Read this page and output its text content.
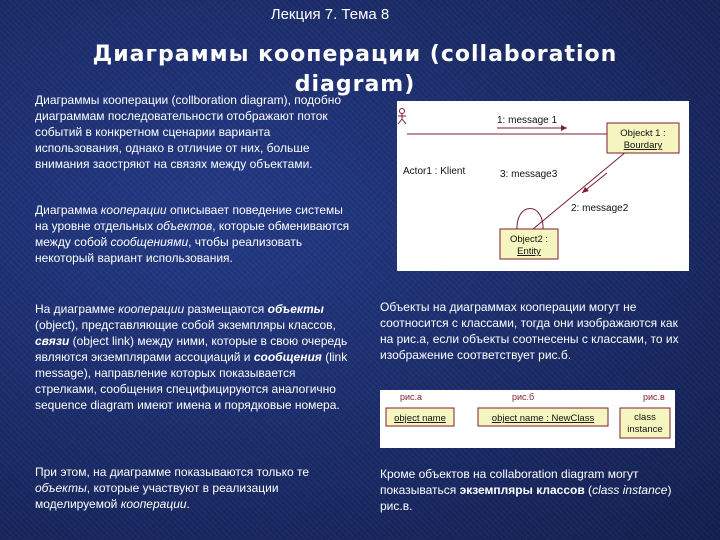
Лекция 7. Тема 8
Диаграммы кооперации (collaboration diagram)
Диаграммы кооперации (collboration diagram), подобно диаграммам последовательности отображают поток событий в конкретном сценарии варианта использования, однако в отличие от них, больше внимания заостряют на связях между объектами.
Диаграмма кооперации описывает поведение системы на уровне отдельных объектов, которые обмениваются между собой сообщениями, чтобы реализовать некоторый вариант использования.
На диаграмме кооперации размещаются объекты (object), представляющие собой экземпляры классов, связи (object link) между ними, которые в свою очередь являются экземплярами ассоциаций и сообщения (link message), направление которых показывается стрелками, сообщения специфицируются аналогично sequence diagram имеют имена и порядковые номера.
При этом, на диаграмме показываются только те объекты, которые участвуют в реализации моделируемой кооперации.
1: message 1
Actor1 : Klient	3: message3
2: message2
Objeckt 1 :
Bourdary
Object2 :
Entity
Объекты на диаграммах кооперации могут не соотносится с классами, тогда они изображаются как на рис.а, если объекты соотнесены с классами, то их изображение соответствует рис.б.
рис.а	рис.б	рис.в
object name	object name : NewClass	class
instance
Кроме объектов на collaboration diagram могут показываться экземпляры классов (class instance) рис.в.
